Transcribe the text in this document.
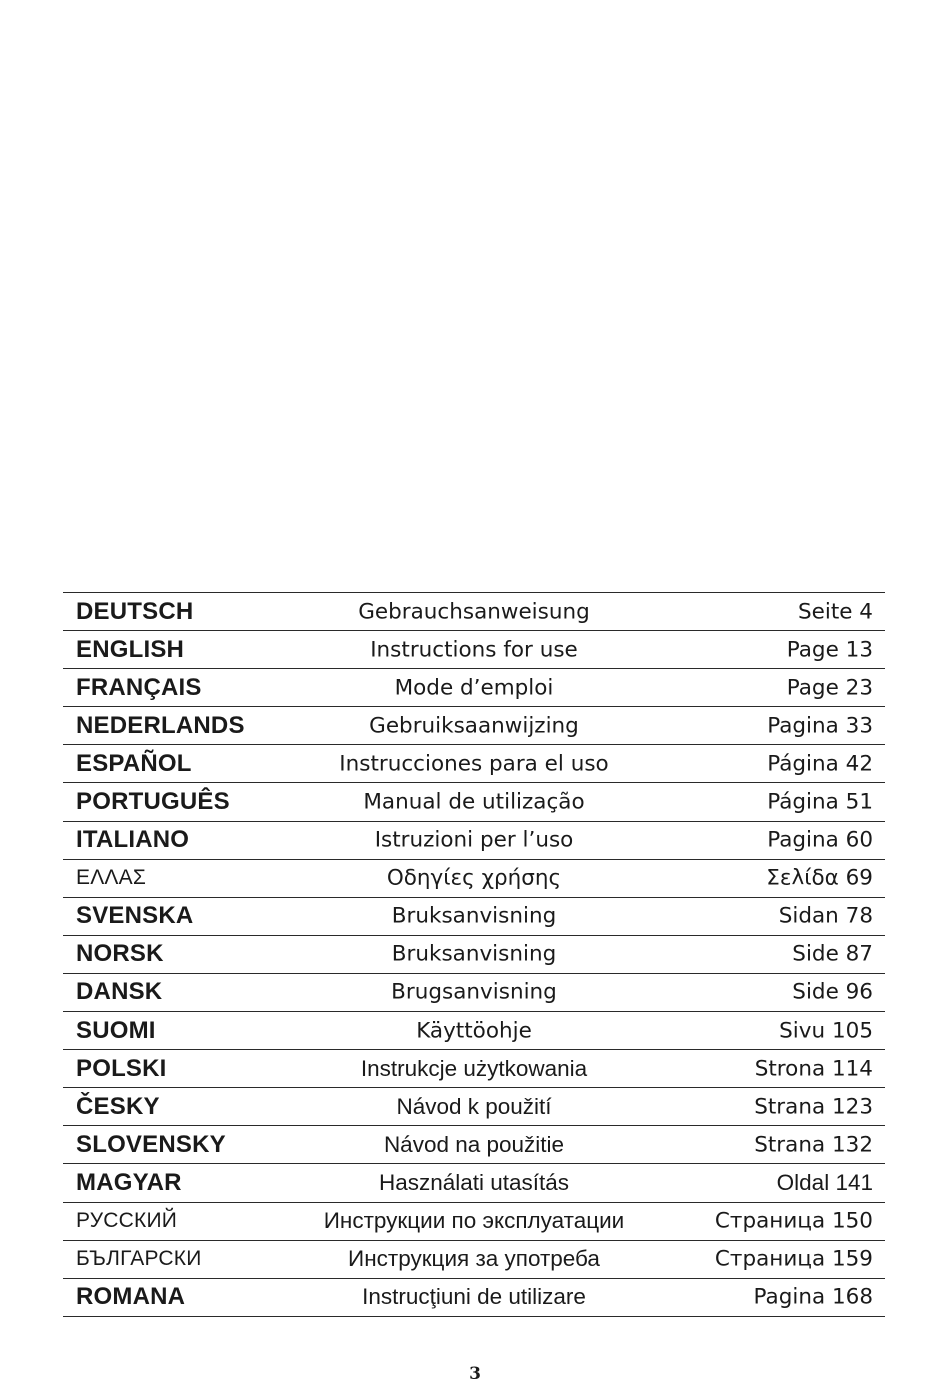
DEUTSCH	Gebrauchsanweisung	Seite 4
ENGLISH	Instructions for use	Page 13
FRANÇAIS	Mode d’emploi	Page 23
NEDERLANDS	Gebruiksaanwijzing	Pagina 33
ESPAÑOL	Instrucciones para el uso	Página 42
PORTUGUÊS	Manual de utilização	Página 51
ITALIANO	Istruzioni per l’uso	Pagina 60
ΕΛΛΑΣ	Οδηγίες χρήσης	Σελίδα 69
SVENSKA	Bruksanvisning	Sidan 78
NORSK	Bruksanvisning	Side 87
DANSK	Brugsanvisning	Side 96
SUOMI	Käyttöohje	Sivu 105
POLSKI	Instrukcje użytkowania	Strona 114
ČESKY	Návod k použití	Strana 123
SLOVENSKY	Návod na použitie	Strana 132
MAGYAR	Használati utasítás	Oldal 141
РУССКИЙ	Инструкции по эксплуатации	Страница 150
БЪЛГАРСКИ	Инструкция за употреба	Страница 159
ROMANA	Instrucţiuni de utilizare	Pagina 168
3
